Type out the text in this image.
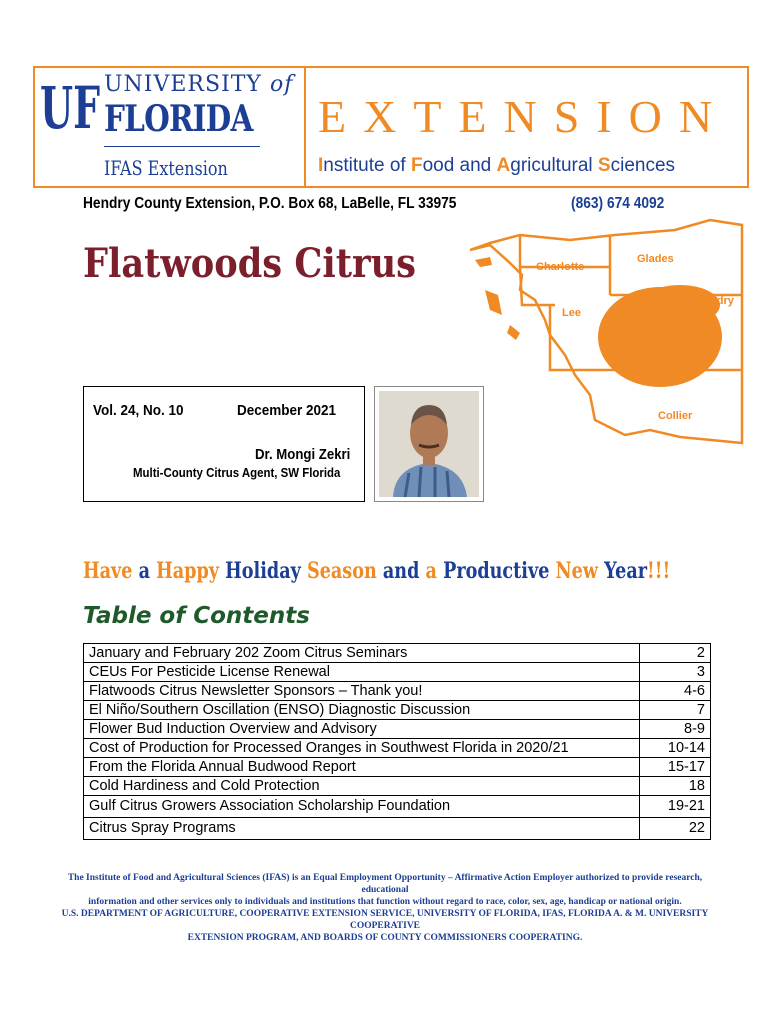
UF UNIVERSITY of
FLORIDA
IFAS Extension
EXTENSION
Institute of Food and Agricultural Sciences
Hendry County Extension, P.O. Box 68, LaBelle, FL 33975	(863) 674 4092
Flatwoods Citrus	Charlotte
Glades
Hendry
Lee
Collier
Vol. 24, No. 10	December 2021
Dr. Mongi Zekri
Multi-County Citrus Agent, SW Florida
Have a Happy Holiday Season and a Productive New Year!!!
Table of Contents
January and February 202 Zoom Citrus Seminars	2
CEUs For Pesticide License Renewal	3
Flatwoods Citrus Newsletter Sponsors – Thank you!	4-6
El Niño/Southern Oscillation (ENSO) Diagnostic Discussion	7
Flower Bud Induction Overview and Advisory	8-9
Cost of Production for Processed Oranges in Southwest Florida in 2020/21	10-14
From the Florida Annual Budwood Report	15-17
Cold Hardiness and Cold Protection	18
Gulf Citrus Growers Association Scholarship Foundation	19-21
Citrus Spray Programs	22
The Institute of Food and Agricultural Sciences (IFAS) is an Equal Employment Opportunity – Affirmative Action Employer authorized to provide research, educational
information and other services only to individuals and institutions that function without regard to race, color, sex, age, handicap or national origin.
U.S. DEPARTMENT OF AGRICULTURE, COOPERATIVE EXTENSION SERVICE, UNIVERSITY OF FLORIDA, IFAS, FLORIDA A. & M. UNIVERSITY COOPERATIVE
EXTENSION PROGRAM, AND BOARDS OF COUNTY COMMISSIONERS COOPERATING.
